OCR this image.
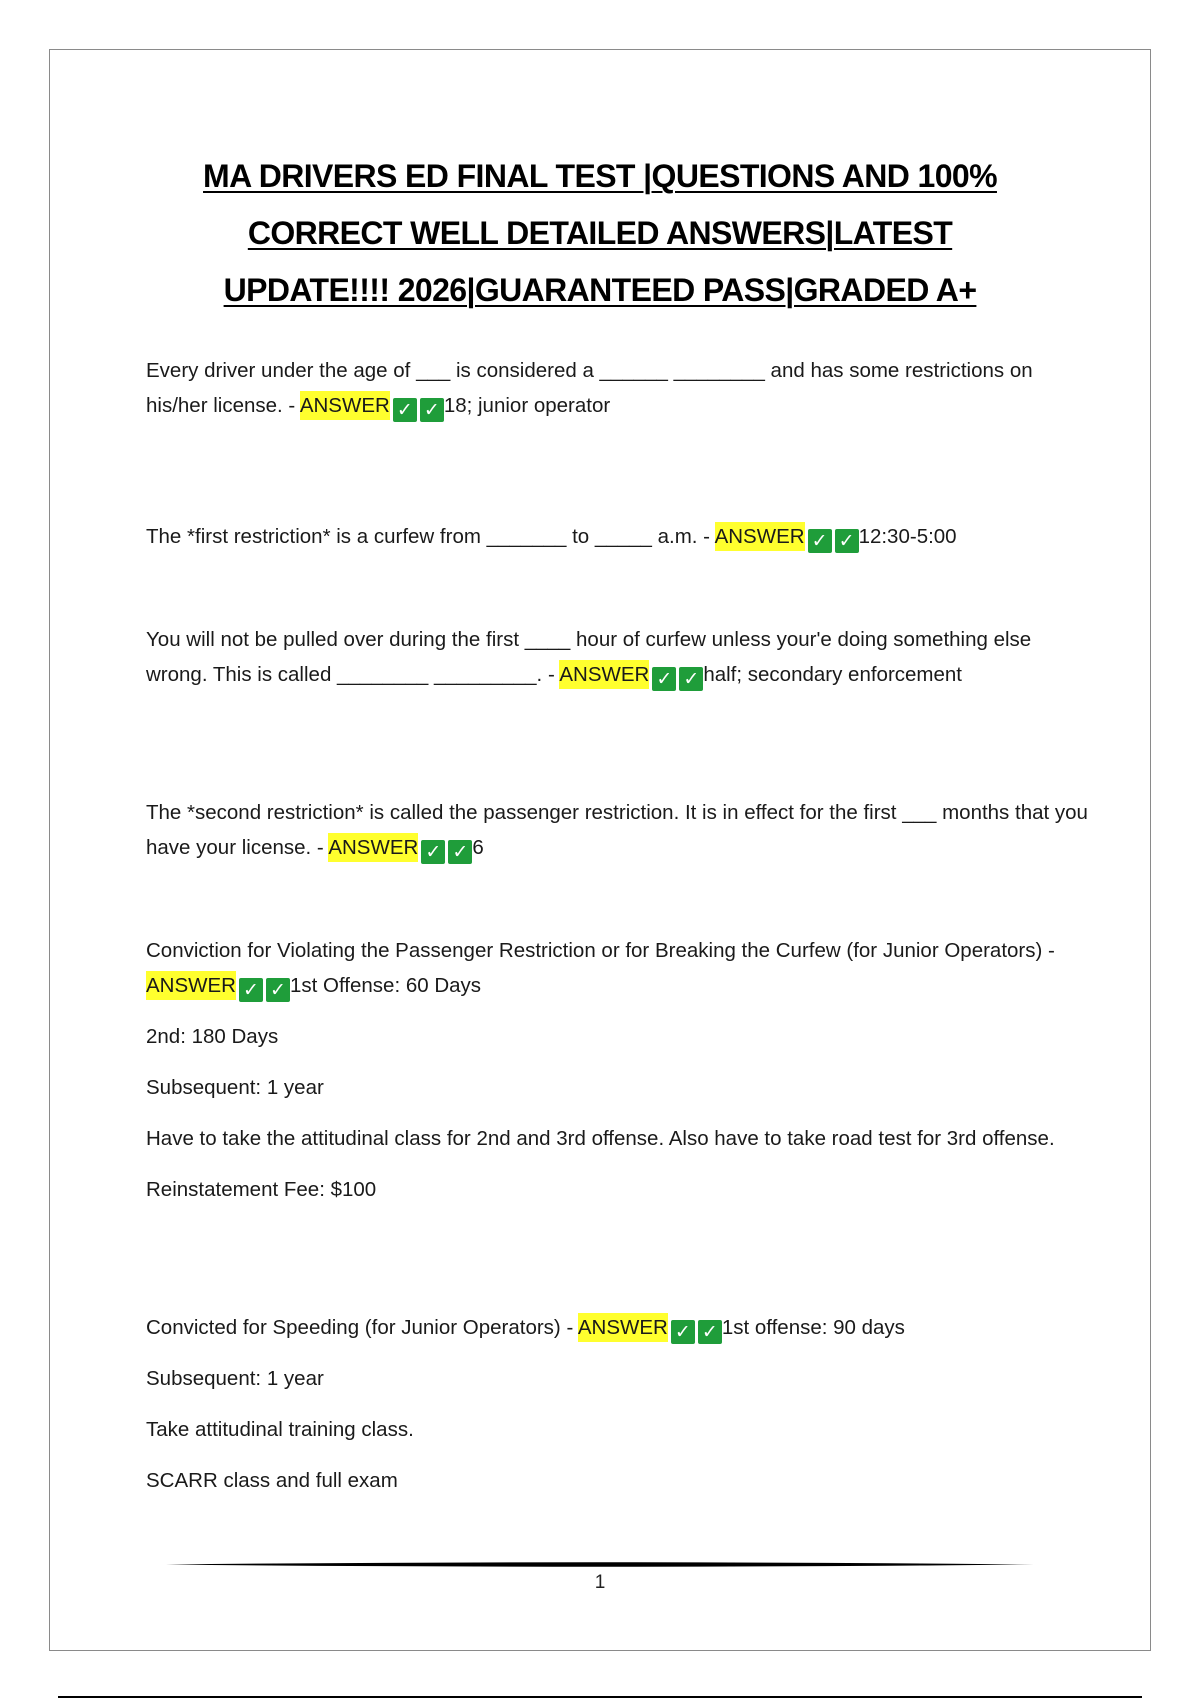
MA DRIVERS ED FINAL TEST |QUESTIONS AND 100%
CORRECT WELL DETAILED ANSWERS|LATEST
UPDATE!!!! 2026|GUARANTEED PASS|GRADED A+

Every driver under the age of ___ is considered a ______ ________ and has some restrictions on his/her license. - ANSWER ✓ ✓ 18; junior operator

The *first restriction* is a curfew from _______ to _____ a.m. - ANSWER ✓ ✓ 12:30-5:00

You will not be pulled over during the first ____ hour of curfew unless your'e doing something else wrong. This is called ________ _________. - ANSWER ✓ ✓ half; secondary enforcement

The *second restriction* is called the passenger restriction. It is in effect for the first ___ months that you have your license. - ANSWER ✓ ✓ 6

Conviction for Violating the Passenger Restriction or for Breaking the Curfew (for Junior Operators) - ANSWER ✓ ✓ 1st Offense: 60 Days

2nd: 180 Days

Subsequent: 1 year

Have to take the attitudinal class for 2nd and 3rd offense. Also have to take road test for 3rd offense.

Reinstatement Fee: $100

Convicted for Speeding (for Junior Operators) - ANSWER ✓ ✓ 1st offense: 90 days

Subsequent: 1 year

Take attitudinal training class.

SCARR class and full exam

1
